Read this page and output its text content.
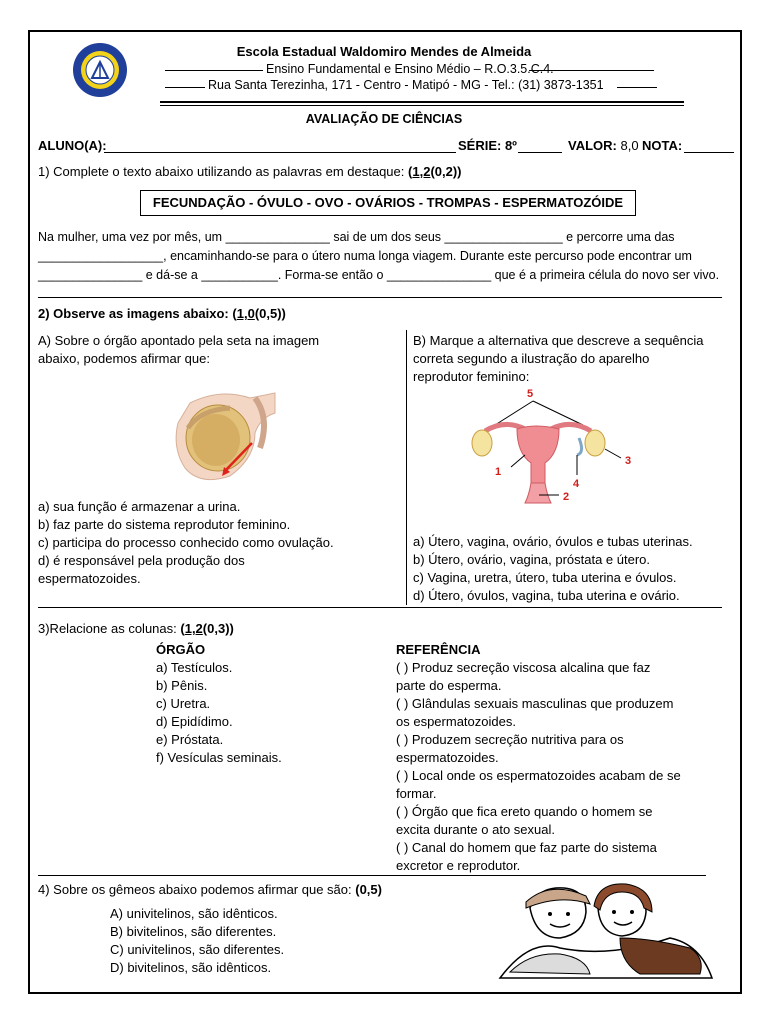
Escola Estadual Waldomiro Mendes de Almeida
Ensino Fundamental e Ensino Médio – R.O.3.5.C.4.
Rua Santa Terezinha, 171 - Centro - Matipó - MG - Tel.: (31) 3873-1351
AVALIAÇÃO DE CIÊNCIAS
ALUNO(A):	SÉRIE: 8º	VALOR: 8,0 NOTA:
1) Complete o texto abaixo utilizando as palavras em destaque: (1,2(0,2))
FECUNDAÇÃO - ÓVULO - OVO - OVÁRIOS - TROMPAS - ESPERMATOZÓIDE
Na mulher, uma vez por mês, um _______________ sai de um dos seus _________________ e percorre uma das
__________________, encaminhando-se para o útero numa longa viagem. Durante este percurso pode encontrar um
_______________ e dá-se a ___________. Forma-se então o _______________ que é a primeira célula do novo ser vivo.
2) Observe as imagens abaixo: (1,0(0,5))
A) Sobre o órgão apontado pela seta na imagem
abaixo, podemos afirmar que:
a) sua função é armazenar a urina.
b) faz parte do sistema reprodutor feminino.
c) participa do processo conhecido como ovulação.
d) é responsável pela produção dos
espermatozoides.
B) Marque a alternativa que descreve a sequência
correta segundo a ilustração do aparelho
reprodutor feminino:
5
1
4
3
2
a) Útero, vagina, ovário, óvulos e tubas uterinas.
b) Útero, ovário, vagina, próstata e útero.
c) Vagina, uretra, útero, tuba uterina e óvulos.
d) Útero, óvulos, vagina, tuba uterina e ovário.
3)Relacione as colunas: (1,2(0,3))
ÓRGÃO
a) Testículos.
b) Pênis.
c) Uretra.
d) Epidídimo.
e) Próstata.
f) Vesículas seminais.
REFERÊNCIA
( ) Produz secreção viscosa alcalina que faz
parte do esperma.
( ) Glândulas sexuais masculinas que produzem
os espermatozoides.
( ) Produzem secreção nutritiva para os
espermatozoides.
( ) Local onde os espermatozoides acabam de se
formar.
( ) Órgão que fica ereto quando o homem se
excita durante o ato sexual.
( ) Canal do homem que faz parte do sistema
excretor e reprodutor.
4) Sobre os gêmeos abaixo podemos afirmar que são: (0,5)
A) univitelinos, são idênticos.
B) bivitelinos, são diferentes.
C) univitelinos, são diferentes.
D) bivitelinos, são idênticos.
